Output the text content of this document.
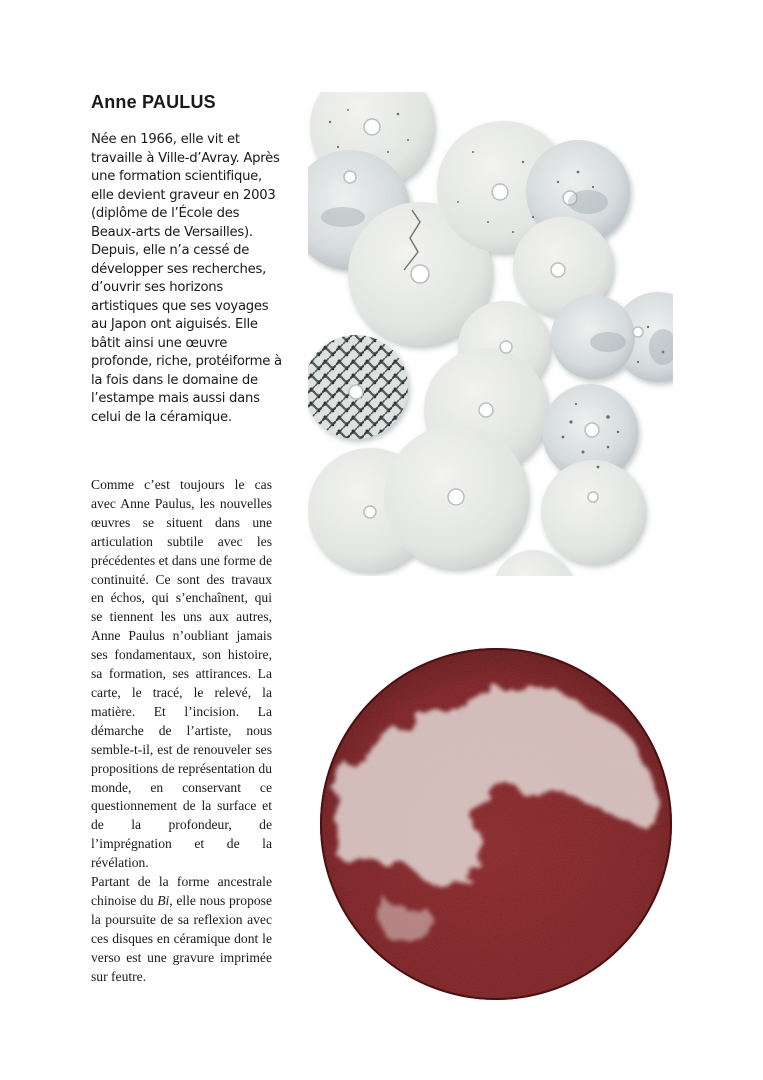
Anne PAULUS

Née en 1966, elle vit et travaille à Ville-d’Avray. Après une formation scientifique, elle devient graveur en 2003 (diplôme de l’École des Beaux-arts de Versailles). Depuis, elle n’a cessé de développer ses recherches, d’ouvrir ses horizons artistiques que ses voyages au Japon ont aiguisés. Elle bâtit ainsi une œuvre profonde, riche, protéiforme à la fois dans le domaine de l’estampe mais aussi dans celui de la céramique.

Comme c’est toujours le cas avec Anne Paulus, les nouvelles œuvres se situent dans une articulation subtile avec les précédentes et dans une forme de continuité. Ce sont des travaux en échos, qui s’enchaînent, qui se tiennent les uns aux autres, Anne Paulus n’oubliant jamais ses fondamentaux, son histoire, sa formation, ses attirances. La carte, le tracé, le relevé, la matière. Et l’incision. La démarche de l’artiste, nous semble-t-il, est de renouveler ses propositions de représentation du monde, en conservant ce questionnement de la surface et de la profondeur, de l’imprégnation et de la révélation.

Partant de la forme ancestrale chinoise du Bi, elle nous propose la poursuite de sa reflexion avec ces disques en céramique dont le verso est une gravure imprimée sur feutre.
